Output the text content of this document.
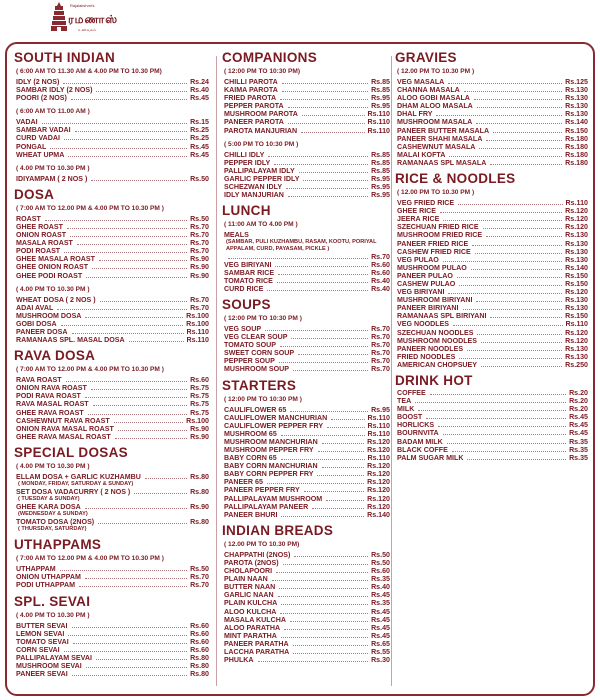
Rajalakshmi's
ரமணாஸ்
உணவகம்
SOUTH INDIAN
( 6:00 AM TO 11.30 AM & 4.00 PM TO 10.30 PM)
IDLY (2 NOS)	Rs.24
SAMBAR IDLY (2 NOS)	Rs.40
POORI (2 NOS)	Rs.45
( 6:00 AM TO 11.00 AM )
VADAI	Rs.15
SAMBAR VADAI	Rs.25
CURD VADAI	Rs.25
PONGAL	Rs.45
WHEAT UPMA	Rs.45
( 4.00 PM TO 10.30 PM )
IDIYAMPAM ( 2 NOS )	Rs.50
DOSA
( 7:00 AM TO 12.00 PM & 4.00 PM TO 10.30 PM )
ROAST	Rs.50
GHEE ROAST	Rs.70
ONION ROAST	Rs.70
MASALA ROAST	Rs.70
PODI ROAST	Rs.70
GHEE MASALA ROAST	Rs.90
GHEE ONION ROAST	Rs.90
GHEE PODI ROAST	Rs.90
( 4.00 PM TO 10.30 PM )
WHEAT DOSA ( 2 NOS )	Rs.70
ADAI AVAL	Rs.70
MUSHROOM DOSA	Rs.100
GOBI DOSA	Rs.100
PANEER DOSA	Rs.110
RAMANAAS SPL. MASAL DOSA	Rs.110
RAVA DOSA
( 7:00 AM TO 12.00 PM & 4.00 PM TO 10.30 PM )
RAVA ROAST	Rs.60
ONION RAVA ROAST	Rs.75
PODI RAVA ROAST	Rs.75
RAVA MASAL ROAST	Rs.75
GHEE RAVA ROAST	Rs.75
CASHEWNUT RAVA ROAST	Rs.100
ONION RAVA MASAL ROAST	Rs.90
GHEE RAVA MASAL ROAST	Rs.90
SPECIAL DOSAS
( 4.00 PM TO 10.30 PM )
ELLAM DOSA + GARLIC KUZHAMBU	Rs.80
( MONDAY, FRIDAY, SATURDAY & SUNDAY)
SET DOSA VADACURRY ( 2 NOS )	Rs.80
( TUESDAY & SUNDAY)
GHEE KARA DOSA	Rs.90
(WEDNESDAY & SUNDAY)
TOMATO DOSA (2NOS)	Rs.80
( THURSDAY, SATURDAY)
UTHAPPAMS
( 7:00 AM TO 12.00 PM & 4.00 PM TO 10.30 PM )
UTHAPPAM	Rs.50
ONION UTHAPPAM	Rs.70
PODI UTHAPPAM	Rs.70
SPL. SEVAI
( 4.00 PM TO 10.30 PM )
BUTTER SEVAI	Rs.60
LEMON SEVAI	Rs.60
TOMATO SEVAI	Rs.60
CORN SEVAI	Rs.60
PALLIPALAYAM SEVAI	Rs.80
MUSHROOM SEVAI	Rs.80
PANEER SEVAI	Rs.80
COMPANIONS
( 12:00 PM TO 10:30 PM)
CHILLI PAROTA	Rs.85
KAIMA PAROTA	Rs.85
FRIED PAROTA	Rs.95
PEPPER PAROTA	Rs.95
MUSHROOM PAROTA	Rs.110
PANEER PAROTA	Rs.110
PAROTA MANJURIAN	Rs.110
( 5:00 PM TO 10:30 PM )
CHILLI IDLY	Rs.85
PEPPER IDLY	Rs.85
PALLIPALAYAM IDLY	Rs.85
GARLIC PEPPER IDLY	Rs.95
SCHEZWAN IDLY	Rs.95
IDLY MANJURIAN	Rs.95
LUNCH
( 11:00 AM TO 4.00 PM )
MEALS
(SAMBAR, PULI KUZHAMBU, RASAM, KOOTU, PORIYAL APPALAM, CURD, PAYASAM, PICKLE )
Rs.70
VEG BIRIYANI	Rs.60
SAMBAR RICE	Rs.60
TOMATO RICE	Rs.40
CURD RICE	Rs.40
SOUPS
( 12:00 PM TO 10:30 PM )
VEG SOUP	Rs.70
VEG CLEAR SOUP	Rs.70
TOMATO SOUP	Rs.70
SWEET CORN SOUP	Rs.70
PEPPER SOUP	Rs.70
MUSHROOM SOUP	Rs.70
STARTERS
( 12:00 PM TO 10:30 PM )
CAULIFLOWER 65	Rs.95
CAULIFLOWER MANCHURIAN	Rs.110
CAULIFLOWER PEPPER FRY	Rs.110
MUSHROOM 65	Rs.110
MUSHROOM MANCHURIAN	Rs.120
MUSHROOM PEPPER FRY	Rs.120
BABY CORN 65	Rs.110
BABY CORN MANCHURIAN	Rs.120
BABY CORN PEPPER FRY	Rs.120
PANEER 65	Rs.120
PANEER PEPPER FRY	Rs.120
PALLIPALAYAM MUSHROOM	Rs.120
PALLIPALAYAM PANEER	Rs.120
PANEER BHURI	Rs.140
INDIAN BREADS
( 12.00 PM TO 10.30 PM)
CHAPPATHI (2NOS)	Rs.50
PAROTA (2NOS)	Rs.50
CHOLAPOORI	Rs.60
PLAIN NAAN	Rs.35
BUTTER NAAN	Rs.40
GARLIC NAAN	Rs.45
PLAIN KULCHA	Rs.35
ALOO KULCHA	Rs.45
MASALA KULCHA	Rs.45
ALOO PARATHA	Rs.45
MINT PARATHA	Rs.45
PANEER PARATHA	Rs.65
LACCHA PARATHA	Rs.55
PHULKA	Rs.30
GRAVIES
( 12.00 PM TO 10.30 PM )
VEG MASALA	Rs.125
CHANNA MASALA	Rs.130
ALOO GOBI MASALA	Rs.130
DHAM ALOO MASALA	Rs.130
DHAL FRY	Rs.130
MUSHROOM MASALA	Rs.140
PANEER BUTTER MASALA	Rs.150
PANEER SHAHI MASALA	Rs.180
CASHEWNUT MASALA	Rs.180
MALAI KOFTA	Rs.180
RAMANAAS SPL MASALA	Rs.180
RICE & NOODLES
( 12.00 PM TO 10.30 PM )
VEG FRIED RICE	Rs.110
GHEE RICE	Rs.120
JEERA RICE	Rs.120
SZECHUAN FRIED RICE	Rs.120
MUSHROOM FRIED RICE	Rs.130
PANEER FRIED RICE	Rs.130
CASHEW FRIED RICE	Rs.130
VEG PULAO	Rs.130
MUSHROOM PULAO	Rs.140
PANEER PULAO	Rs.150
CASHEW PULAO	Rs.150
VEG BIRIYANI	Rs.120
MUSHROOM BIRIYANI	Rs.130
PANEER BIRIYANI	Rs.130
RAMANAAS SPL BIRIYANI	Rs.150
VEG NOODLES	Rs.110
SZECHUAN NOODLES	Rs.120
MUSHROOM NOODLES	Rs.120
PANEER NOODLES	Rs.130
FRIED NOODLES	Rs.130
AMERICAN CHOPSUEY	Rs.250
DRINK HOT
COFFEE	Rs.20
TEA	Rs.20
MILK	Rs.20
BOOST	Rs.45
HORLICKS	Rs.45
BOURNVITA	Rs.45
BADAM MILK	Rs.35
BLACK COFFE	Rs.35
PALM SUGAR MILK	Rs.35
